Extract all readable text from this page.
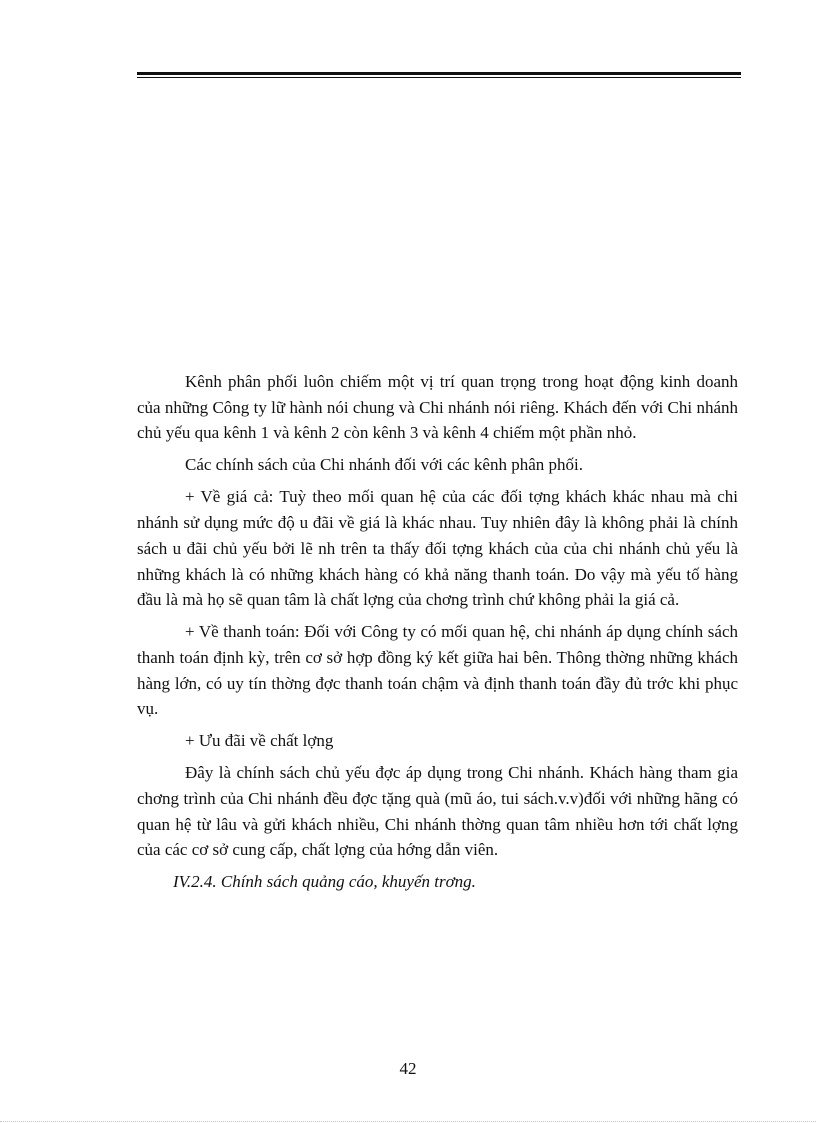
Kênh phân phối luôn chiếm một vị trí quan trọng trong hoạt động kinh doanh của những Công ty lữ hành nói chung và Chi nhánh nói riêng. Khách đến với Chi nhánh chủ yếu qua kênh 1 và kênh 2 còn kênh 3 và kênh 4 chiếm một phần nhỏ.

Các chính sách của Chi nhánh đối với các kênh phân phối.

+ Về giá cả: Tuỳ theo mối quan hệ của các đối tợng khách khác nhau mà chi nhánh sử dụng mức độ u đãi về giá là khác nhau. Tuy nhiên đây là không phải là chính sách u đãi chủ yếu bởi lẽ nh trên ta thấy đối tợng khách của của chi nhánh chủ yếu là những khách là có những khách hàng có khả năng thanh toán. Do vậy mà yếu tố hàng đầu là mà họ sẽ quan tâm là chất lợng của chơng trình chứ không phải la giá cả.

+ Về thanh toán: Đối với Công ty có mối quan hệ, chi nhánh áp dụng chính sách thanh toán định kỳ, trên cơ sở hợp đồng ký kết giữa hai bên. Thông thờng những khách hàng lớn, có uy tín thờng đợc thanh toán chậm và định thanh toán đầy đủ trớc khi phục vụ.

+ Ưu đãi về chất lợng

Đây là chính sách chủ yếu đợc áp dụng trong Chi nhánh. Khách hàng tham gia chơng trình của Chi nhánh đều đợc tặng quà (mũ áo, tui sách.v.v)đối với những hãng có quan hệ từ lâu và gửi khách nhiều, Chi nhánh thờng quan tâm nhiều hơn tới chất lợng của các cơ sở cung cấp, chất lợng của hớng dẫn viên.

IV.2.4. Chính sách quảng cáo, khuyến trơng.

42
